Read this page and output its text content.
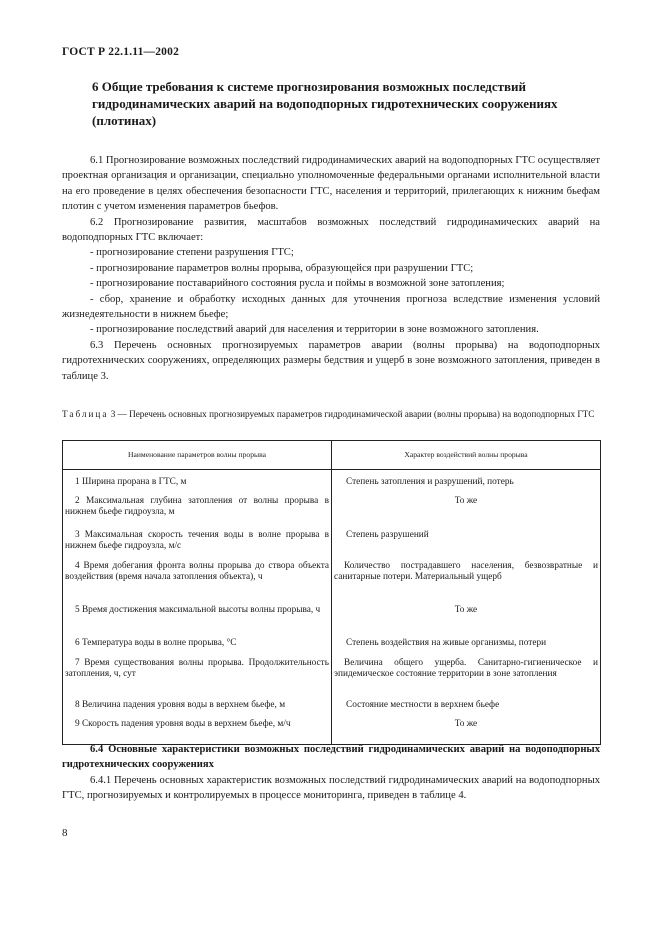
ГОСТ Р 22.1.11—2002
6 Общие требования к системе прогнозирования возможных последствий гидродинамических аварий на водоподпорных гидротехнических сооружениях (плотинах)

6.1 Прогнозирование возможных последствий гидродинамических аварий на водоподпорных ГТС осуществляет проектная организация и организации, специально уполномоченные федеральными органами исполнительной власти на его проведение в целях обеспечения безопасности ГТС, населения и территорий, прилегающих к нижним бьефам плотин с учетом изменения параметров бьефов.

6.2 Прогнозирование развития, масштабов возможных последствий гидродинамических аварий на водоподпорных ГТС включает:

- прогнозирование степени разрушения ГТС;

- прогнозирование параметров волны прорыва, образующейся при разрушении ГТС;

- прогнозирование поставарийного состояния русла и поймы в возможной зоне затопления;

- сбор, хранение и обработку исходных данных для уточнения прогноза вследствие изменения условий жизнедеятельности в нижнем бьефе;

- прогнозирование последствий аварий для населения и территории в зоне возможного затопления.

6.3 Перечень основных прогнозируемых параметров аварии (волны прорыва) на водоподпорных гидротехнических сооружениях, определяющих размеры бедствия и ущерб в зоне возможного затопления, приведен в таблице 3.

Таблица 3 — Перечень основных прогнозируемых параметров гидродинамической аварии (волны прорыва) на водоподпорных ГТС
Наименование параметров волны прорыва	Характер воздействий волны прорыва
1 Ширина прорана в ГТС, м	Степень затопления и разрушений, потерь
2 Максимальная глубина затопления от волны прорыва в нижнем бьефе гидроузла, м	То же
3 Максимальная скорость течения воды в волне прорыва в нижнем бьефе гидроузла, м/с	Степень разрушений
4 Время добегания фронта волны прорыва до створа объекта воздействия (время начала затопления объекта), ч	Количество пострадавшего населения, безвозвратные и санитарные потери. Материальный ущерб
5 Время достижения максимальной высоты волны прорыва, ч	То же
6 Температура воды в волне прорыва, °С	Степень воздействия на живые организмы, потери
7 Время существования волны прорыва. Продолжительность затопления, ч, сут	Величина общего ущерба. Санитарно-гигиеническое и эпидемическое состояние территории в зоне затопления
8 Величина падения уровня воды в верхнем бьефе, м	Состояние местности в верхнем бьефе
9 Скорость падения уровня воды в верхнем бьефе, м/ч	То же

6.4 Основные характеристики возможных последствий гидродинамических аварий на водоподпорных гидротехнических сооружениях

6.4.1 Перечень основных характеристик возможных последствий гидродинамических аварий на водоподпорных ГТС, прогнозируемых и контролируемых в процессе мониторинга, приведен в таблице 4.

8
